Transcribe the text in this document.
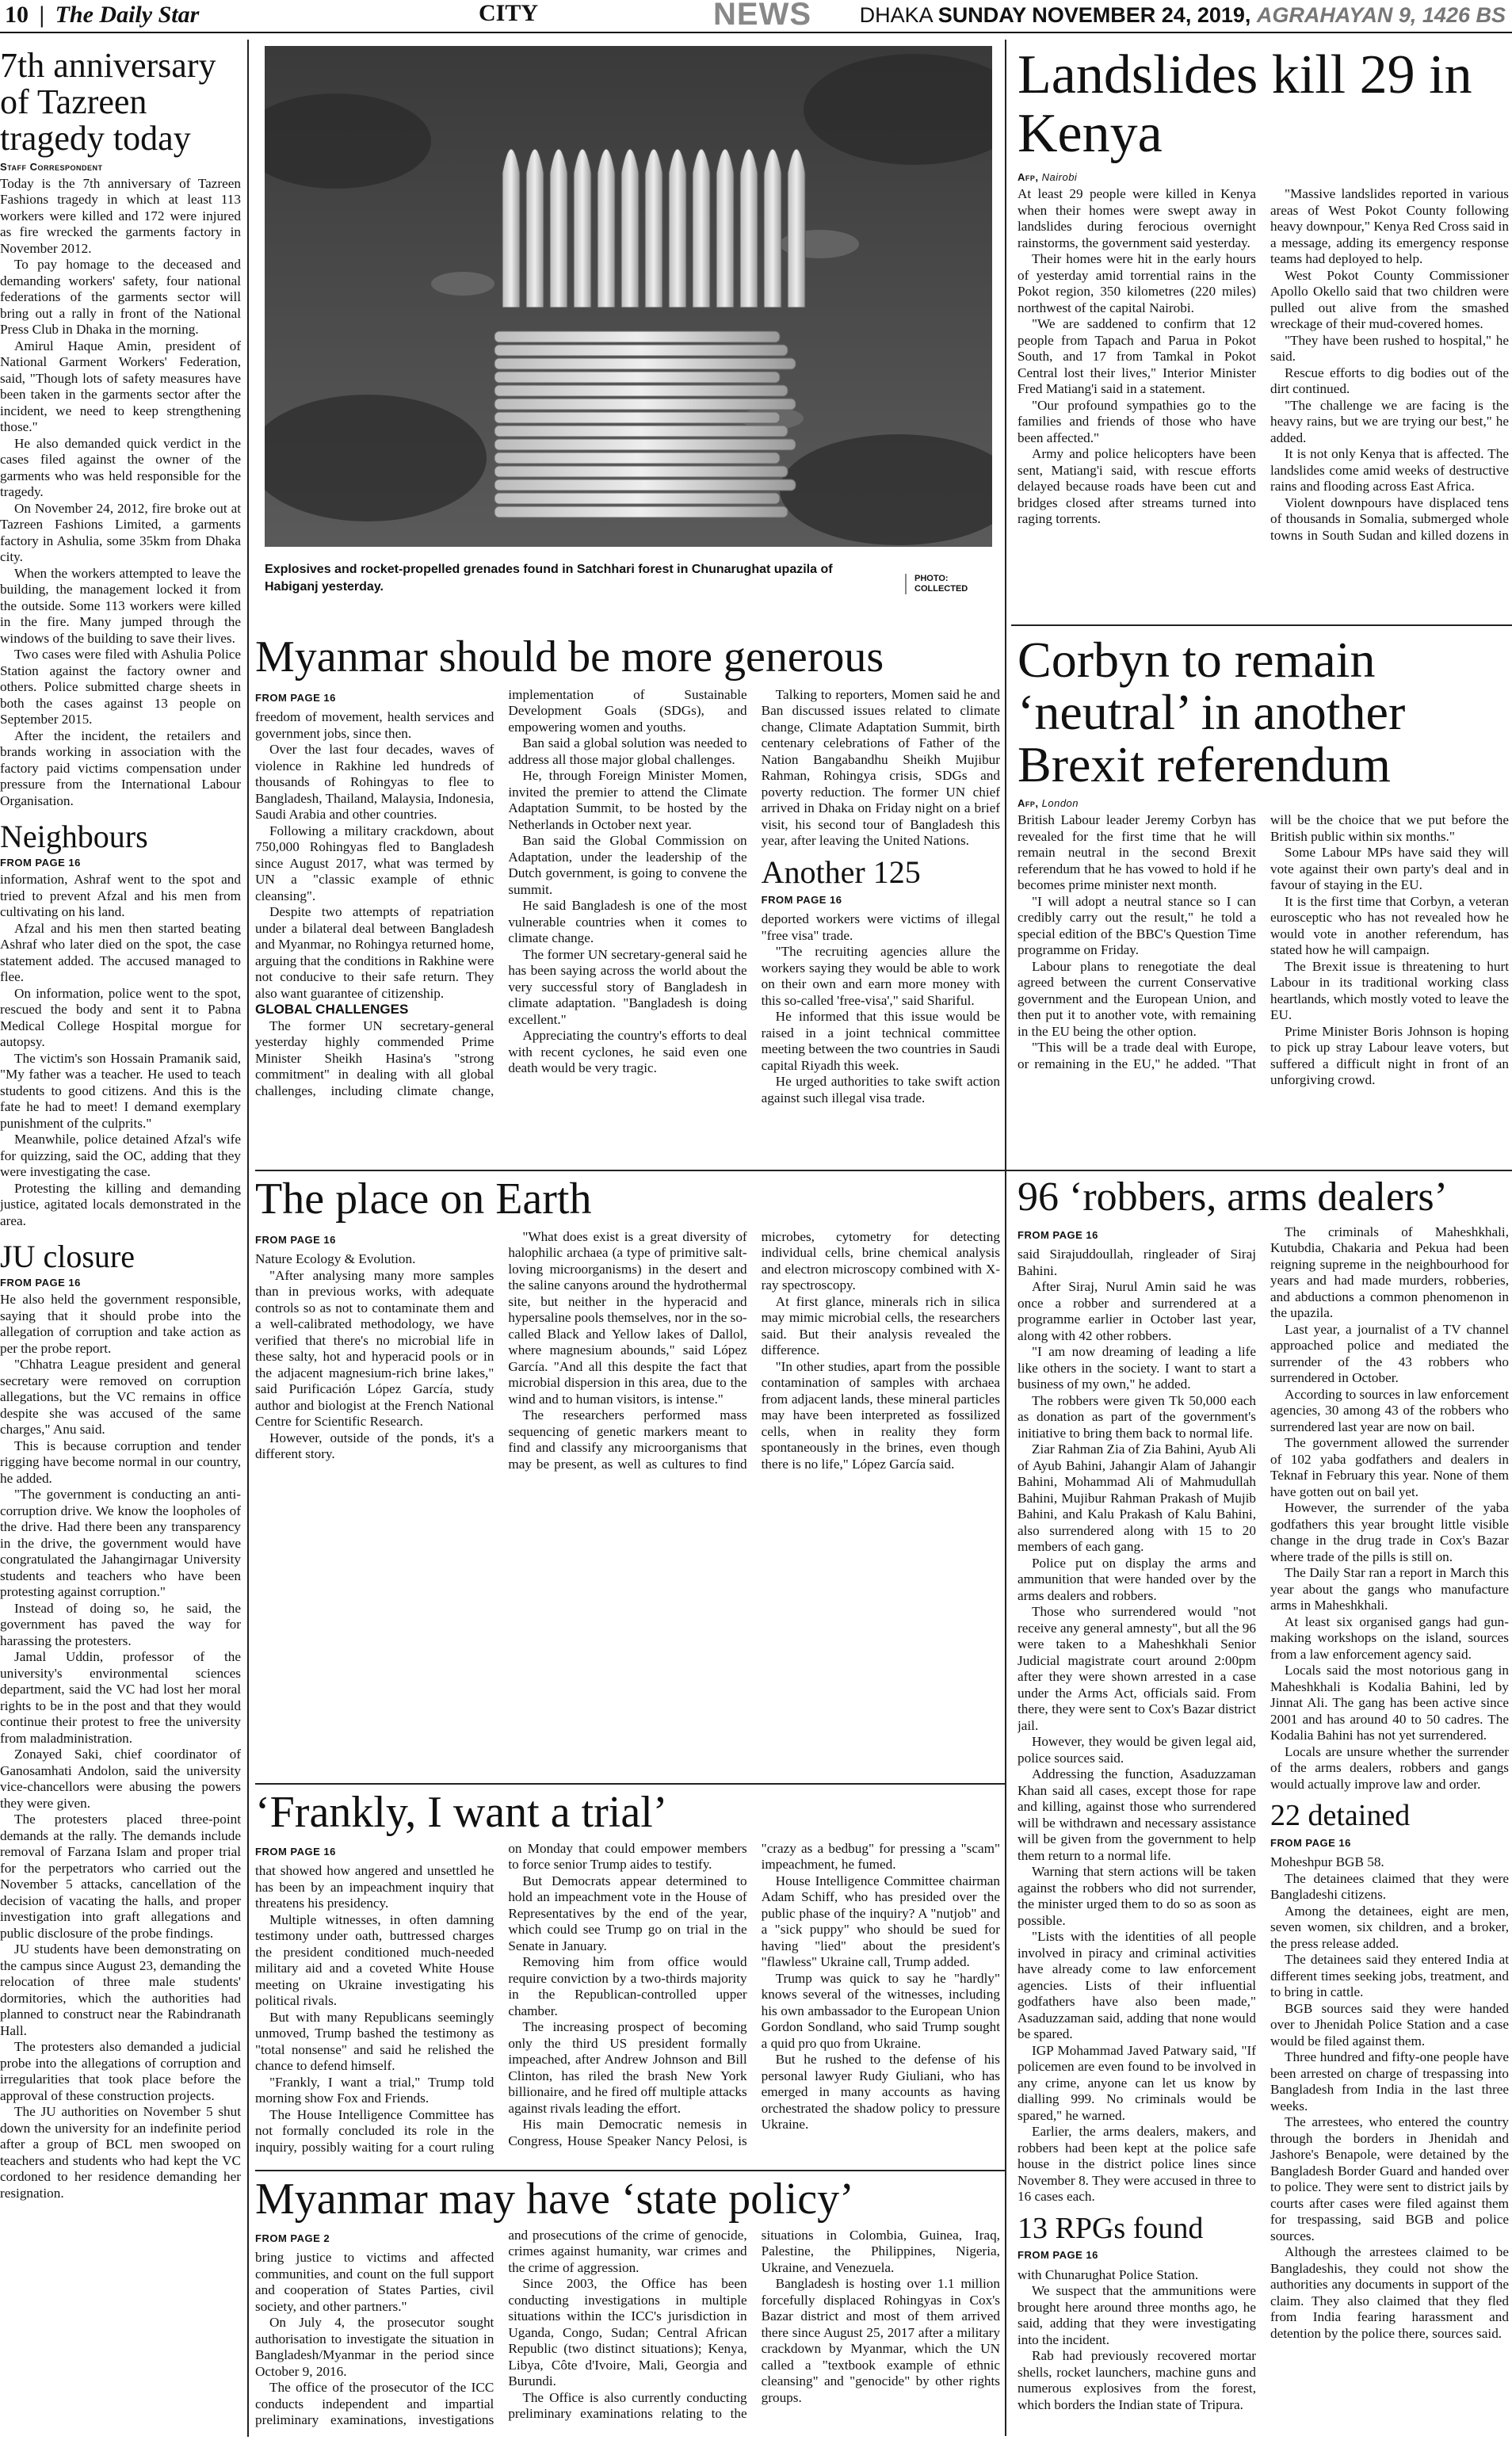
10 | The Daily Star	CITY	NEWS DHAKA SUNDAY NOVEMBER 24, 2019, AGRAHAYAN 9, 1426 BS
7th anniversary of Tazreen tragedy today
Staff Correspondent

Today is the 7th anniversary of Tazreen Fashions tragedy in which at least 113 workers were killed and 172 were injured as fire wrecked the garments factory in November 2012.

To pay homage to the deceased and demanding workers' safety, four national federations of the garments sector will bring out a rally in front of the National Press Club in Dhaka in the morning.

Amirul Haque Amin, president of National Garment Workers' Federation, said, "Though lots of safety measures have been taken in the garments sector after the incident, we need to keep strengthening those."

He also demanded quick verdict in the cases filed against the owner of the garments who was held responsible for the tragedy.

On November 24, 2012, fire broke out at Tazreen Fashions Limited, a garments factory in Ashulia, some 35km from Dhaka city.

When the workers attempted to leave the building, the management locked it from the outside. Some 113 workers were killed in the fire. Many jumped through the windows of the building to save their lives.

Two cases were filed with Ashulia Police Station against the factory owner and others. Police submitted charge sheets in both the cases against 13 people on September 2015.

After the incident, the retailers and brands working in association with the factory paid victims compensation under pressure from the International Labour Organisation.

Neighbours
FROM PAGE 16

information, Ashraf went to the spot and tried to prevent Afzal and his men from cultivating on his land.

Afzal and his men then started beating Ashraf who later died on the spot, the case statement added. The accused managed to flee.

On information, police went to the spot, rescued the body and sent it to Pabna Medical College Hospital morgue for autopsy.

The victim's son Hossain Pramanik said, "My father was a teacher. He used to teach students to good citizens. And this is the fate he had to meet! I demand exemplary punishment of the culprits."

Meanwhile, police detained Afzal's wife for quizzing, said the OC, adding that they were investigating the case.

Protesting the killing and demanding justice, agitated locals demonstrated in the area.

JU closure
FROM PAGE 16

He also held the government responsible, saying that it should probe into the allegation of corruption and take action as per the probe report.

"Chhatra League president and general secretary were removed on corruption allegations, but the VC remains in office despite she was accused of the same charges," Anu said.

This is because corruption and tender rigging have become normal in our country, he added.

"The government is conducting an anti-corruption drive. We know the loopholes of the drive. Had there been any transparency in the drive, the government would have congratulated the Jahangirnagar University students and teachers who have been protesting against corruption."

Instead of doing so, he said, the government has paved the way for harassing the protesters.

Jamal Uddin, professor of the university's environmental sciences department, said the VC had lost her moral rights to be in the post and that they would continue their protest to free the university from maladministration.

Zonayed Saki, chief coordinator of Ganosamhati Andolon, said the university vice-chancellors were abusing the powers they were given.

The protesters placed three-point demands at the rally. The demands include removal of Farzana Islam and proper trial for the perpetrators who carried out the November 5 attacks, cancellation of the decision of vacating the halls, and proper investigation into graft allegations and public disclosure of the probe findings.

JU students have been demonstrating on the campus since August 23, demanding the relocation of three male students' dormitories, which the authorities had planned to construct near the Rabindranath Hall.

The protesters also demanded a judicial probe into the allegations of corruption and irregularities that took place before the approval of these construction projects.

The JU authorities on November 5 shut down the university for an indefinite period after a group of BCL men swooped on teachers and students who had kept the VC cordoned to her residence demanding her resignation.

Explosives and rocket-propelled grenades found in Satchhari forest in Chunarughat upazila of Habiganj yesterday.
PHOTO:
COLLECTED
Landslides kill 29 in Kenya
Afp, Nairobi

At least 29 people were killed in Kenya when their homes were swept away in landslides during ferocious overnight rainstorms, the government said yesterday.

Their homes were hit in the early hours of yesterday amid torrential rains in the Pokot region, 350 kilometres (220 miles) northwest of the capital Nairobi.

"We are saddened to confirm that 12 people from Tapach and Parua in Pokot South, and 17 from Tamkal in Pokot Central lost their lives," Interior Minister Fred Matiang'i said in a statement.

"Our profound sympathies go to the families and friends of those who have been affected."

Army and police helicopters have been sent, Matiang'i said, with rescue efforts delayed because roads have been cut and bridges closed after streams turned into raging torrents.

"Massive landslides reported in various areas of West Pokot County following heavy downpour," Kenya Red Cross said in a message, adding its emergency response teams had deployed to help.

West Pokot County Commissioner Apollo Okello said that two children were pulled out alive from the smashed wreckage of their mud-covered homes.

"They have been rushed to hospital," he said.

Rescue efforts to dig bodies out of the dirt continued.

"The challenge we are facing is the heavy rains, but we are trying our best," he added.

It is not only Kenya that is affected. The landslides come amid weeks of destructive rains and flooding across East Africa.

Violent downpours have displaced tens of thousands in Somalia, submerged whole towns in South Sudan and killed dozens in

Myanmar should be more generous
FROM PAGE 16

freedom of movement, health services and government jobs, since then.

Over the last four decades, waves of violence in Rakhine led hundreds of thousands of Rohingyas to flee to Bangladesh, Thailand, Malaysia, Indonesia, Saudi Arabia and other countries.

Following a military crackdown, about 750,000 Rohingyas fled to Bangladesh since August 2017, what was termed by UN a "classic example of ethnic cleansing".

Despite two attempts of repatriation under a bilateral deal between Bangladesh and Myanmar, no Rohingya returned home, arguing that the conditions in Rakhine were not conducive to their safe return. They also want guarantee of citizenship.

GLOBAL CHALLENGES

The former UN secretary-general yesterday highly commended Prime Minister Sheikh Hasina's "strong commitment" in dealing with all global challenges, including climate change, implementation of Sustainable Development Goals (SDGs), and empowering women and youths.

Ban said a global solution was needed to address all those major global challenges.

He, through Foreign Minister Momen, invited the premier to attend the Climate Adaptation Summit, to be hosted by the Netherlands in October next year.

Ban said the Global Commission on Adaptation, under the leadership of the Dutch government, is going to convene the summit.

He said Bangladesh is one of the most vulnerable countries when it comes to climate change.

The former UN secretary-general said he has been saying across the world about the very successful story of Bangladesh in climate adaptation. "Bangladesh is doing excellent."

Appreciating the country's efforts to deal with recent cyclones, he said even one death would be very tragic.

Talking to reporters, Momen said he and Ban discussed issues related to climate change, Climate Adaptation Summit, birth centenary celebrations of Father of the Nation Bangabandhu Sheikh Mujibur Rahman, Rohingya crisis, SDGs and poverty reduction. The former UN chief arrived in Dhaka on Friday night on a brief visit, his second tour of Bangladesh this year, after leaving the United Nations.

Another 125
FROM PAGE 16

deported workers were victims of illegal "free visa" trade.

"The recruiting agencies allure the workers saying they would be able to work on their own and earn more money with this so-called 'free-visa'," said Shariful.

He informed that this issue would be raised in a joint technical committee meeting between the two countries in Saudi capital Riyadh this week.

He urged authorities to take swift action against such illegal visa trade.

Corbyn to remain ‘neutral’ in another Brexit referendum
Afp, London

British Labour leader Jeremy Corbyn has revealed for the first time that he will remain neutral in the second Brexit referendum that he has vowed to hold if he becomes prime minister next month.

"I will adopt a neutral stance so I can credibly carry out the result," he told a special edition of the BBC's Question Time programme on Friday.

Labour plans to renegotiate the deal agreed between the current Conservative government and the European Union, and then put it to another vote, with remaining in the EU being the other option.

"This will be a trade deal with Europe, or remaining in the EU," he added. "That will be the choice that we put before the British public within six months."

Some Labour MPs have said they will vote against their own party's deal and in favour of staying in the EU.

It is the first time that Corbyn, a veteran eurosceptic who has not revealed how he would vote in another referendum, has stated how he will campaign.

The Brexit issue is threatening to hurt Labour in its traditional working class heartlands, which mostly voted to leave the EU.

Prime Minister Boris Johnson is hoping to pick up stray Labour leave voters, but suffered a difficult night in front of an unforgiving crowd.

The place on Earth
FROM PAGE 16

Nature Ecology & Evolution.

"After analysing many more samples than in previous works, with adequate controls so as not to contaminate them and a well-calibrated methodology, we have verified that there's no microbial life in these salty, hot and hyperacid pools or in the adjacent magnesium-rich brine lakes," said Purificación López García, study author and biologist at the French National Centre for Scientific Research.

However, outside of the ponds, it's a different story.

"What does exist is a great diversity of halophilic archaea (a type of primitive salt-loving microorganisms) in the desert and the saline canyons around the hydrothermal site, but neither in the hyperacid and hypersaline pools themselves, nor in the so-called Black and Yellow lakes of Dallol, where magnesium abounds," said López García. "And all this despite the fact that microbial dispersion in this area, due to the wind and to human visitors, is intense."

The researchers performed mass sequencing of genetic markers meant to find and classify any microorganisms that may be present, as well as cultures to find microbes, cytometry for detecting individual cells, brine chemical analysis and electron microscopy combined with X-ray spectroscopy.

At first glance, minerals rich in silica may mimic microbial cells, the researchers said. But their analysis revealed the difference.

"In other studies, apart from the possible contamination of samples with archaea from adjacent lands, these mineral particles may have been interpreted as fossilized cells, when in reality they form spontaneously in the brines, even though there is no life," López García said.

‘Frankly, I want a trial’
FROM PAGE 16

that showed how angered and unsettled he has been by an impeachment inquiry that threatens his presidency.

Multiple witnesses, in often damning testimony under oath, buttressed charges the president conditioned much-needed military aid and a coveted White House meeting on Ukraine investigating his political rivals.

But with many Republicans seemingly unmoved, Trump bashed the testimony as "total nonsense" and said he relished the chance to defend himself.

"Frankly, I want a trial," Trump told morning show Fox and Friends.

The House Intelligence Committee has not formally concluded its role in the inquiry, possibly waiting for a court ruling on Monday that could empower members to force senior Trump aides to testify.

But Democrats appear determined to hold an impeachment vote in the House of Representatives by the end of the year, which could see Trump go on trial in the Senate in January.

Removing him from office would require conviction by a two-thirds majority in the Republican-controlled upper chamber.

The increasing prospect of becoming only the third US president formally impeached, after Andrew Johnson and Bill Clinton, has riled the brash New York billionaire, and he fired off multiple attacks against rivals leading the effort.

His main Democratic nemesis in Congress, House Speaker Nancy Pelosi, is "crazy as a bedbug" for pressing a "scam" impeachment, he fumed.

House Intelligence Committee chairman Adam Schiff, who has presided over the public phase of the inquiry? A "nutjob" and a "sick puppy" who should be sued for having "lied" about the president's "flawless" Ukraine call, Trump added.

Trump was quick to say he "hardly" knows several of the witnesses, including his own ambassador to the European Union Gordon Sondland, who said Trump sought a quid pro quo from Ukraine.

But he rushed to the defense of his personal lawyer Rudy Giuliani, who has emerged in many accounts as having orchestrated the shadow policy to pressure Ukraine.

Myanmar may have ‘state policy’
FROM PAGE 2

bring justice to victims and affected communities, and count on the full support and cooperation of States Parties, civil society, and other partners."

On July 4, the prosecutor sought authorisation to investigate the situation in Bangladesh/Myanmar in the period since October 9, 2016.

The office of the prosecutor of the ICC conducts independent and impartial preliminary examinations, investigations and prosecutions of the crime of genocide, crimes against humanity, war crimes and the crime of aggression.

Since 2003, the Office has been conducting investigations in multiple situations within the ICC's jurisdiction in Uganda, Congo, Sudan; Central African Republic (two distinct situations); Kenya, Libya, Côte d'Ivoire, Mali, Georgia and Burundi.

The Office is also currently conducting preliminary examinations relating to the situations in Colombia, Guinea, Iraq, Palestine, the Philippines, Nigeria, Ukraine, and Venezuela.

Bangladesh is hosting over 1.1 million forcefully displaced Rohingyas in Cox's Bazar district and most of them arrived there since August 25, 2017 after a military crackdown by Myanmar, which the UN called a "textbook example of ethnic cleansing" and "genocide" by other rights groups.

96 ‘robbers, arms dealers’
FROM PAGE 16

said Sirajuddoullah, ringleader of Siraj Bahini.

After Siraj, Nurul Amin said he was once a robber and surrendered at a programme earlier in October last year, along with 42 other robbers.

"I am now dreaming of leading a life like others in the society. I want to start a business of my own," he added.

The robbers were given Tk 50,000 each as donation as part of the government's initiative to bring them back to normal life.

Ziar Rahman Zia of Zia Bahini, Ayub Ali of Ayub Bahini, Jahangir Alam of Jahangir Bahini, Mohammad Ali of Mahmudullah Bahini, Mujibur Rahman Prakash of Mujib Bahini, and Kalu Prakash of Kalu Bahini, also surrendered along with 15 to 20 members of each gang.

Police put on display the arms and ammunition that were handed over by the arms dealers and robbers.

Those who surrendered would "not receive any general amnesty", but all the 96 were taken to a Maheshkhali Senior Judicial magistrate court around 2:00pm after they were shown arrested in a case under the Arms Act, officials said. From there, they were sent to Cox's Bazar district jail.

However, they would be given legal aid, police sources said.

Addressing the function, Asaduzzaman Khan said all cases, except those for rape and killing, against those who surrendered will be withdrawn and necessary assistance will be given from the government to help them return to a normal life.

Warning that stern actions will be taken against the robbers who did not surrender, the minister urged them to do so as soon as possible.

"Lists with the identities of all people involved in piracy and criminal activities have already come to law enforcement agencies. Lists of their influential godfathers have also been made," Asaduzzaman said, adding that none would be spared.

IGP Mohammad Javed Patwary said, "If policemen are even found to be involved in any crime, anyone can let us know by dialling 999. No criminals would be spared," he warned.

Earlier, the arms dealers, makers, and robbers had been kept at the police safe house in the district police lines since November 8. They were accused in three to 16 cases each.

13 RPGs found
FROM PAGE 16

with Chunarughat Police Station.

We suspect that the ammunitions were brought here around three months ago, he said, adding that they were investigating into the incident.

Rab had previously recovered mortar shells, rocket launchers, machine guns and numerous explosives from the forest, which borders the Indian state of Tripura.

The criminals of Maheshkhali, Kutubdia, Chakaria and Pekua had been reigning supreme in the neighbourhood for years and had made murders, robberies, and abductions a common phenomenon in the upazila.

Last year, a journalist of a TV channel approached police and mediated the surrender of the 43 robbers who surrendered in October.

According to sources in law enforcement agencies, 30 among 43 of the robbers who surrendered last year are now on bail.

The government allowed the surrender of 102 yaba godfathers and dealers in Teknaf in February this year. None of them have gotten out on bail yet.

However, the surrender of the yaba godfathers this year brought little visible change in the drug trade in Cox's Bazar where trade of the pills is still on.

The Daily Star ran a report in March this year about the gangs who manufacture arms in Maheshkhali.

At least six organised gangs had gun-making workshops on the island, sources from a law enforcement agency said.

Locals said the most notorious gang in Maheshkhali is Kodalia Bahini, led by Jinnat Ali. The gang has been active since 2001 and has around 40 to 50 cadres. The Kodalia Bahini has not yet surrendered.

Locals are unsure whether the surrender of the arms dealers, robbers and gangs would actually improve law and order.

22 detained
FROM PAGE 16

Moheshpur BGB 58.

The detainees claimed that they were Bangladeshi citizens.

Among the detainees, eight are men, seven women, six children, and a broker, the press release added.

The detainees said they entered India at different times seeking jobs, treatment, and to bring in cattle.

BGB sources said they were handed over to Jhenidah Police Station and a case would be filed against them.

Three hundred and fifty-one people have been arrested on charge of trespassing into Bangladesh from India in the last three weeks.

The arrestees, who entered the country through the borders in Jhenidah and Jashore's Benapole, were detained by the Bangladesh Border Guard and handed over to police. They were sent to district jails by courts after cases were filed against them for trespassing, said BGB and police sources.

Although the arrestees claimed to be Bangladeshis, they could not show the authorities any documents in support of the claim. They also claimed that they fled from India fearing harassment and detention by the police there, sources said.
